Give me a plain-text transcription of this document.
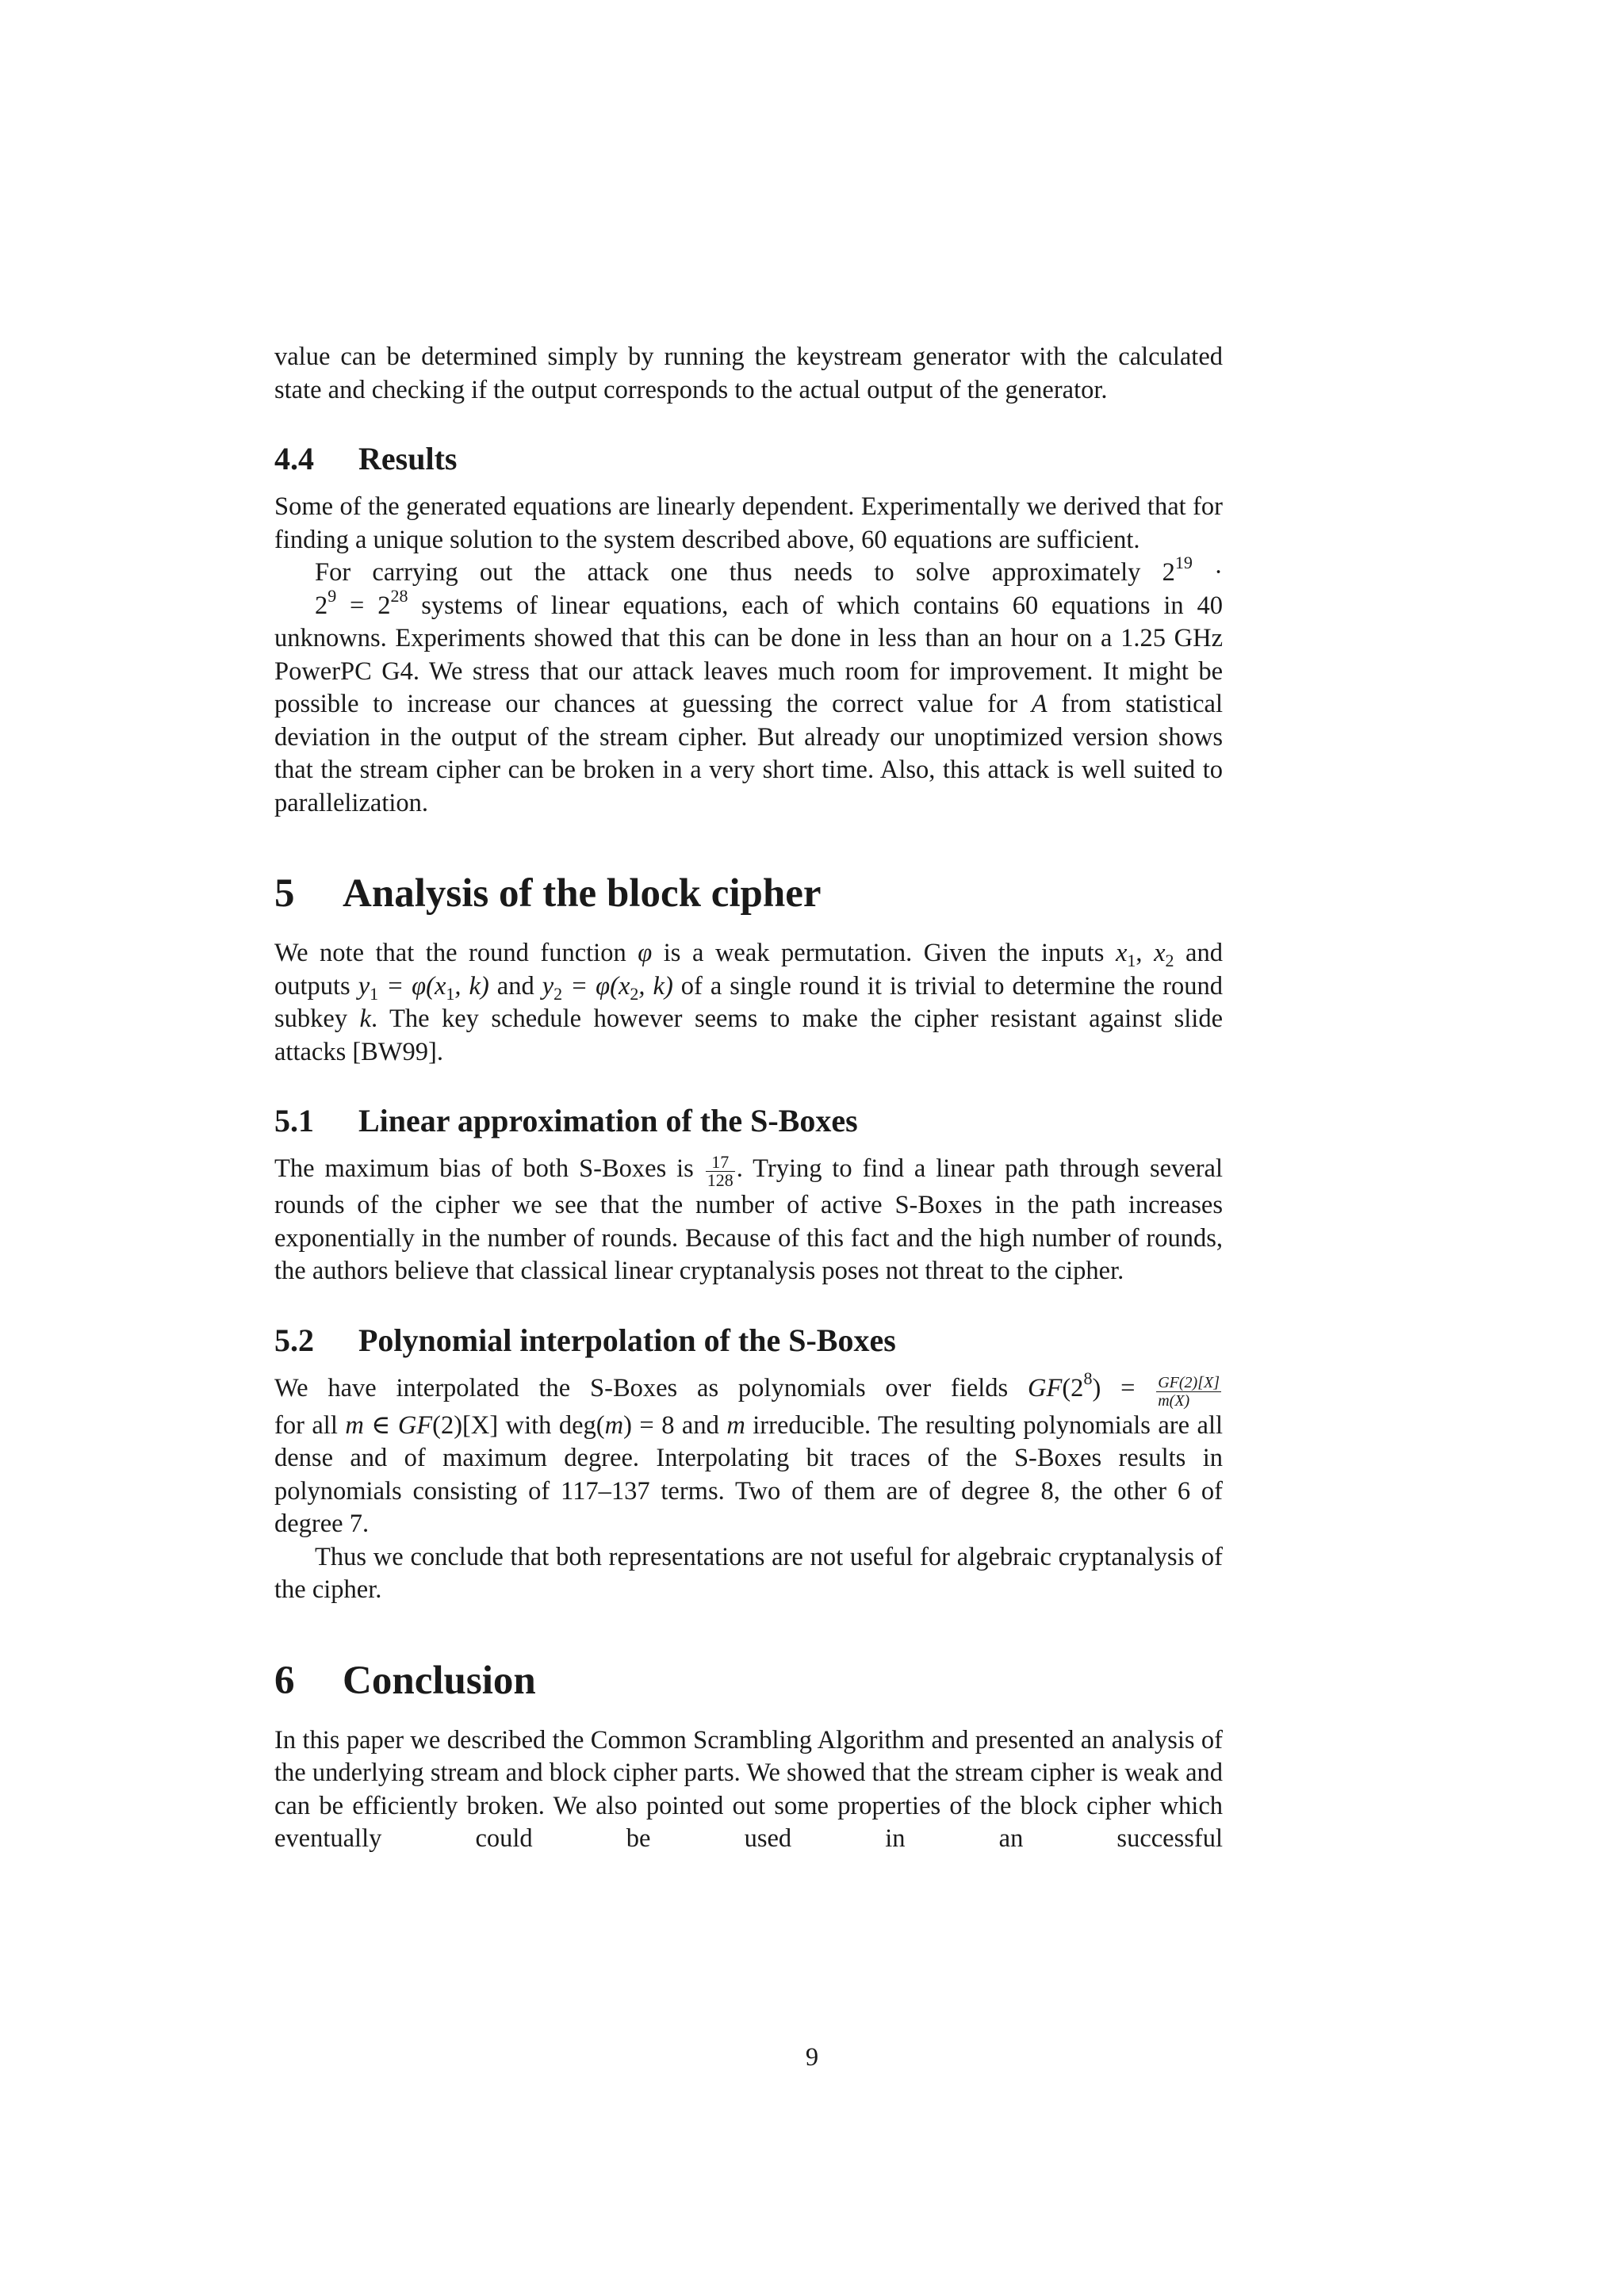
value can be determined simply by running the keystream generator with the calculated state and checking if the output corresponds to the actual output of the generator.

4.4 Results

Some of the generated equations are linearly dependent. Experimentally we derived that for finding a unique solution to the system described above, 60 equations are sufficient.

For carrying out the attack one thus needs to solve approximately $2^{19}$ ·
$2^9 = 2^{28}$ systems of linear equations, each of which contains 60 equations in 40 unknowns. Experiments showed that this can be done in less than an hour on a 1.25 GHz PowerPC G4. We stress that our attack leaves much room for improvement. It might be possible to increase our chances at guessing the correct value for A from statistical deviation in the output of the stream cipher. But already our unoptimized version shows that the stream cipher can be broken in a very short time. Also, this attack is well suited to parallelization.

5 Analysis of the block cipher

We note that the round function φ is a weak permutation. Given the inputs $x_1$, $x_2$ and outputs $y_1 = \varphi(x_1$, k) and $y_2 = \varphi(x_2$, k) of a single round it is trivial to determine the round subkey k. The key schedule however seems to make the cipher resistant against slide attacks [BW99].

5.1 Linear approximation of the S-Boxes

The maximum bias of both S-Boxes is $\frac{17}{128}$ . Trying to find a linear path through several rounds of the cipher we see that the number of active S-Boxes in the path increases exponentially in the number of rounds. Because of this fact and the high number of rounds, the authors believe that classical linear cryptanalysis poses not threat to the cipher.

5.2 Polynomial interpolation of the S-Boxes

We have interpolated the S-Boxes as polynomials over fields $GF(2^8) = \frac{GF(2)[X]}{m(X)}$
for all m ∈ GF(2)[X] with deg(m) = 8 and m irreducible. The resulting polynomials are all dense and of maximum degree. Interpolating bit traces of the S-Boxes results in polynomials consisting of 117–137 terms. Two of them are of degree 8, the other 6 of degree 7.

Thus we conclude that both representations are not useful for algebraic cryptanalysis of the cipher.

6 Conclusion

In this paper we described the Common Scrambling Algorithm and presented an analysis of the underlying stream and block cipher parts. We showed that the stream cipher is weak and can be efficiently broken. We also pointed out some properties of the block cipher which eventually could be used in an successful

9
